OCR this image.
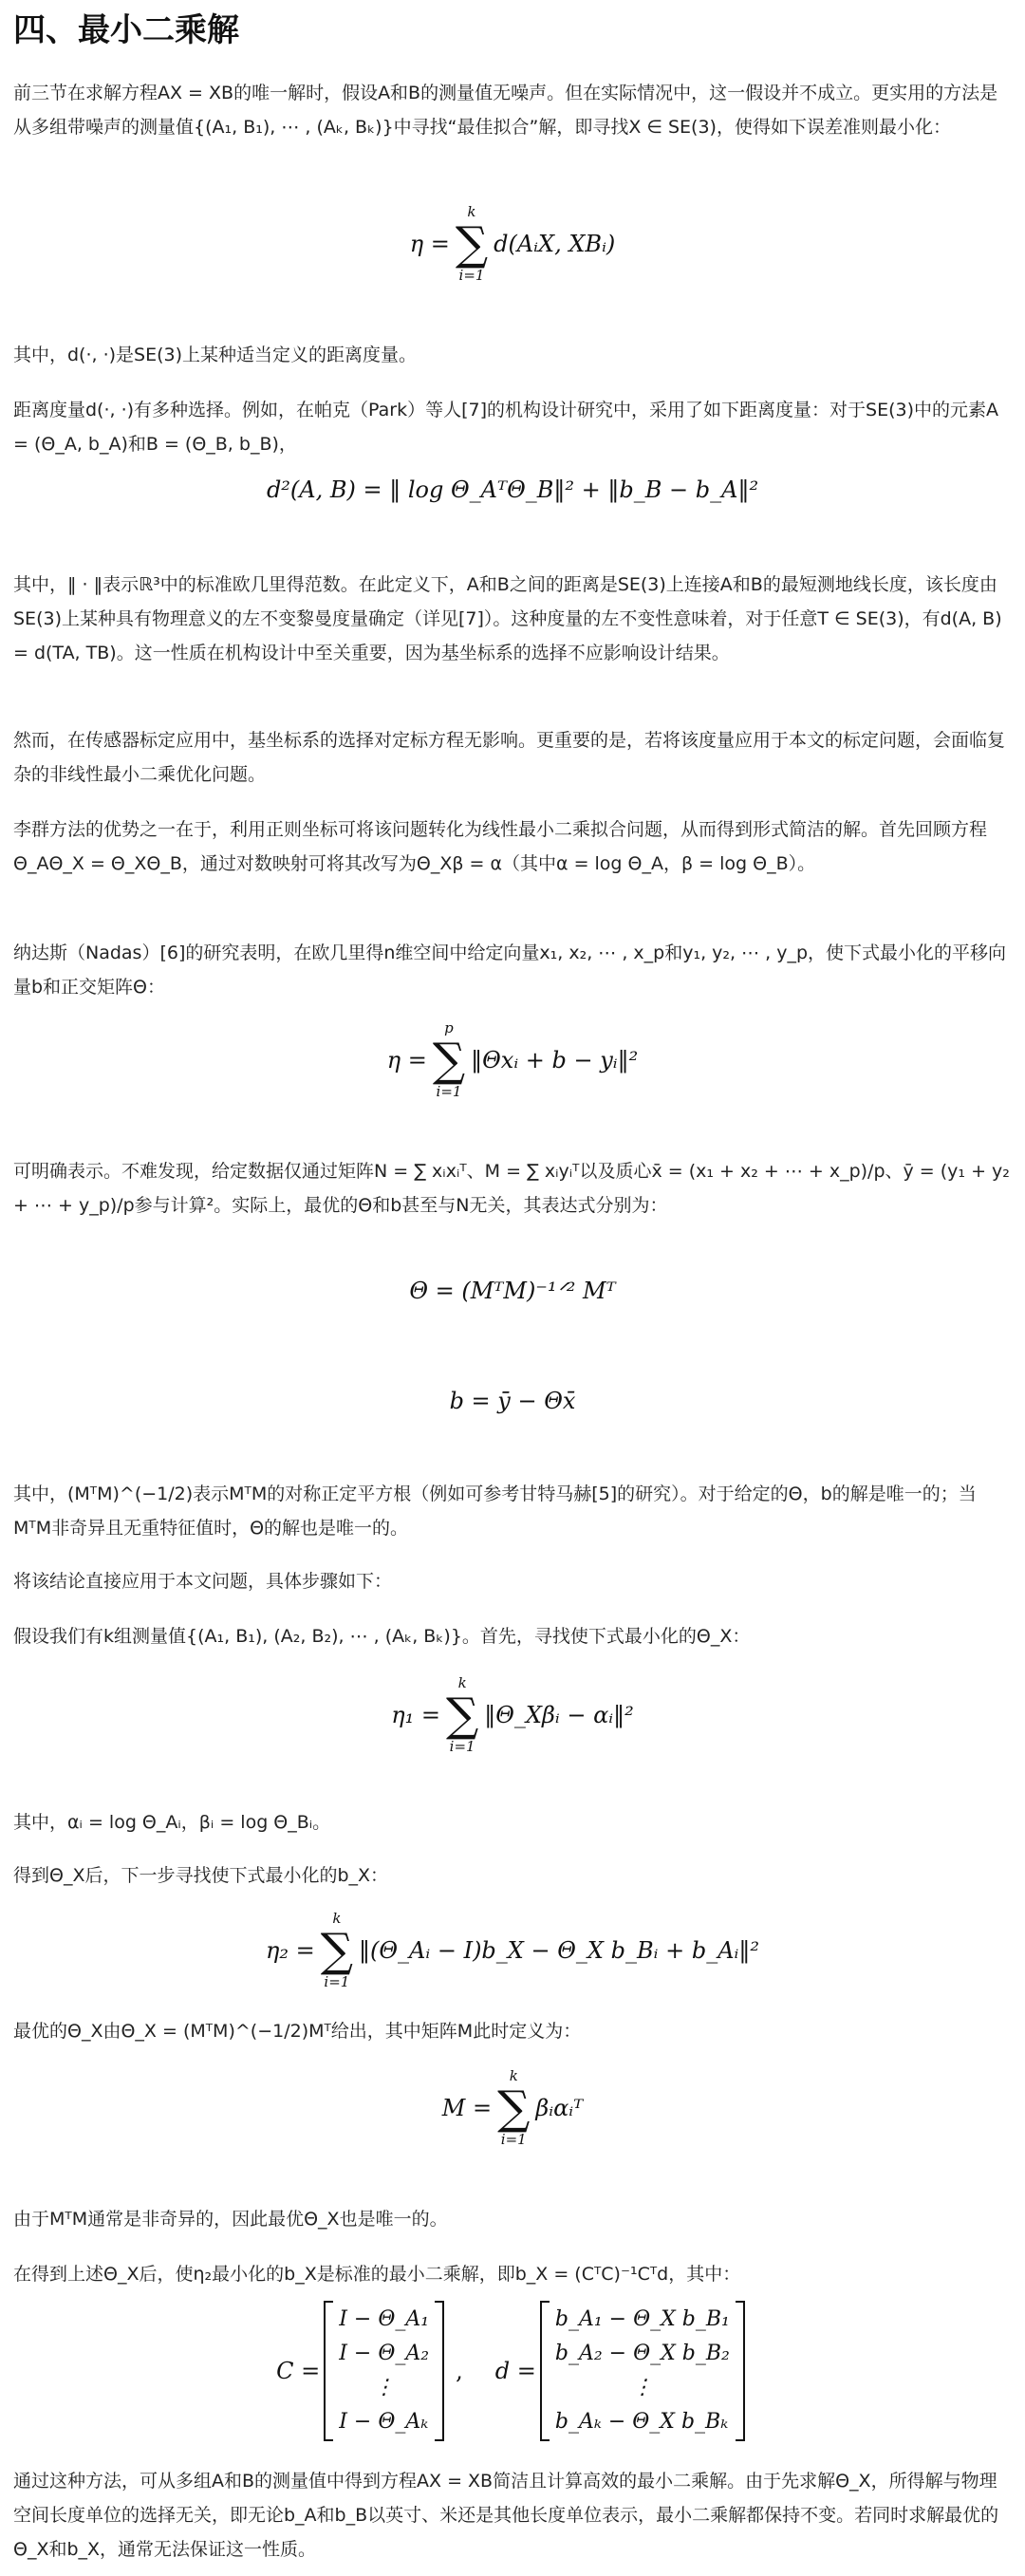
四、最小二乘解

前三节在求解方程AX = XB的唯一解时，假设A和B的测量值无噪声。但在实际情况中，这一假设并不成立。更实用的方法是从多组带噪声的测量值{(A₁, B₁), ⋯ , (Aₖ, Bₖ)}中寻找“最佳拟合”解，即寻找X ∈ SE(3)，使得如下误差准则最小化：

η =
k
∑
i=1
d(AᵢX, XBᵢ)

其中，d(·, ·)是SE(3)上某种适当定义的距离度量。

距离度量d(·, ·)有多种选择。例如，在帕克（Park）等人[7]的机构设计研究中，采用了如下距离度量：对于SE(3)中的元素A = (Θ_A, b_A)和B = (Θ_B, b_B)，

d²(A, B) = ‖ log Θ_AᵀΘ_B‖² + ‖b_B − b_A‖²

其中，‖ · ‖表示ℝ³中的标准欧几里得范数。在此定义下，A和B之间的距离是SE(3)上连接A和B的最短测地线长度，该长度由SE(3)上某种具有物理意义的左不变黎曼度量确定（详见[7]）。这种度量的左不变性意味着，对于任意T ∈ SE(3)，有d(A, B) = d(TA, TB)。这一性质在机构设计中至关重要，因为基坐标系的选择不应影响设计结果。

然而，在传感器标定应用中，基坐标系的选择对定标方程无影响。更重要的是，若将该度量应用于本文的标定问题，会面临复杂的非线性最小二乘优化问题。

李群方法的优势之一在于，利用正则坐标可将该问题转化为线性最小二乘拟合问题，从而得到形式简洁的解。首先回顾方程Θ_AΘ_X = Θ_XΘ_B，通过对数映射可将其改写为Θ_Xβ = α（其中α = log Θ_A，β = log Θ_B）。

纳达斯（Nadas）[6]的研究表明，在欧几里得n维空间中给定向量x₁, x₂, ⋯ , x_p和y₁, y₂, ⋯ , y_p，使下式最小化的平移向量b和正交矩阵Θ：

η =
p
∑
i=1
‖Θxᵢ + b − yᵢ‖²

可明确表示。不难发现，给定数据仅通过矩阵N = ∑ xᵢxᵢᵀ、M = ∑ xᵢyᵢᵀ以及质心x̄ = (x₁ + x₂ + ⋯ + x_p)/p、ȳ = (y₁ + y₂ + ⋯ + y_p)/p参与计算²。实际上，最优的Θ和b甚至与N无关，其表达式分别为：

Θ = (MᵀM)⁻¹ᐟ² Mᵀ
b = ȳ − Θx̄

其中，(MᵀM)^(−1/2)表示MᵀM的对称正定平方根（例如可参考甘特马赫[5]的研究）。对于给定的Θ，b的解是唯一的；当MᵀM非奇异且无重特征值时，Θ的解也是唯一的。

将该结论直接应用于本文问题，具体步骤如下：

假设我们有k组测量值{(A₁, B₁), (A₂, B₂), ⋯ , (Aₖ, Bₖ)}。首先，寻找使下式最小化的Θ_X：

η₁ =
k
∑
i=1
‖Θ_Xβᵢ − αᵢ‖²

其中，αᵢ = log Θ_Aᵢ，βᵢ = log Θ_Bᵢ。

得到Θ_X后，下一步寻找使下式最小化的b_X：

η₂ =
k
∑
i=1
‖(Θ_Aᵢ − I)b_X − Θ_X b_Bᵢ + b_Aᵢ‖²

最优的Θ_X由Θ_X = (MᵀM)^(−1/2)Mᵀ给出，其中矩阵M此时定义为：

M =
k
∑
i=1
βᵢαᵢᵀ

由于MᵀM通常是非奇异的，因此最优Θ_X也是唯一的。

在得到上述Θ_X后，使η₂最小化的b_X是标准的最小二乘解，即b_X = (CᵀC)⁻¹Cᵀd，其中：

C =
I − Θ_A₁
I − Θ_A₂
⋮
I − Θ_Aₖ
, d =
b_A₁ − Θ_X b_B₁
b_A₂ − Θ_X b_B₂
⋮
b_Aₖ − Θ_X b_Bₖ

通过这种方法，可从多组A和B的测量值中得到方程AX = XB简洁且计算高效的最小二乘解。由于先求解Θ_X，所得解与物理空间长度单位的选择无关，即无论b_A和b_B以英寸、米还是其他长度单位表示，最小二乘解都保持不变。若同时求解最优的Θ_X和b_X，通常无法保证这一性质。
